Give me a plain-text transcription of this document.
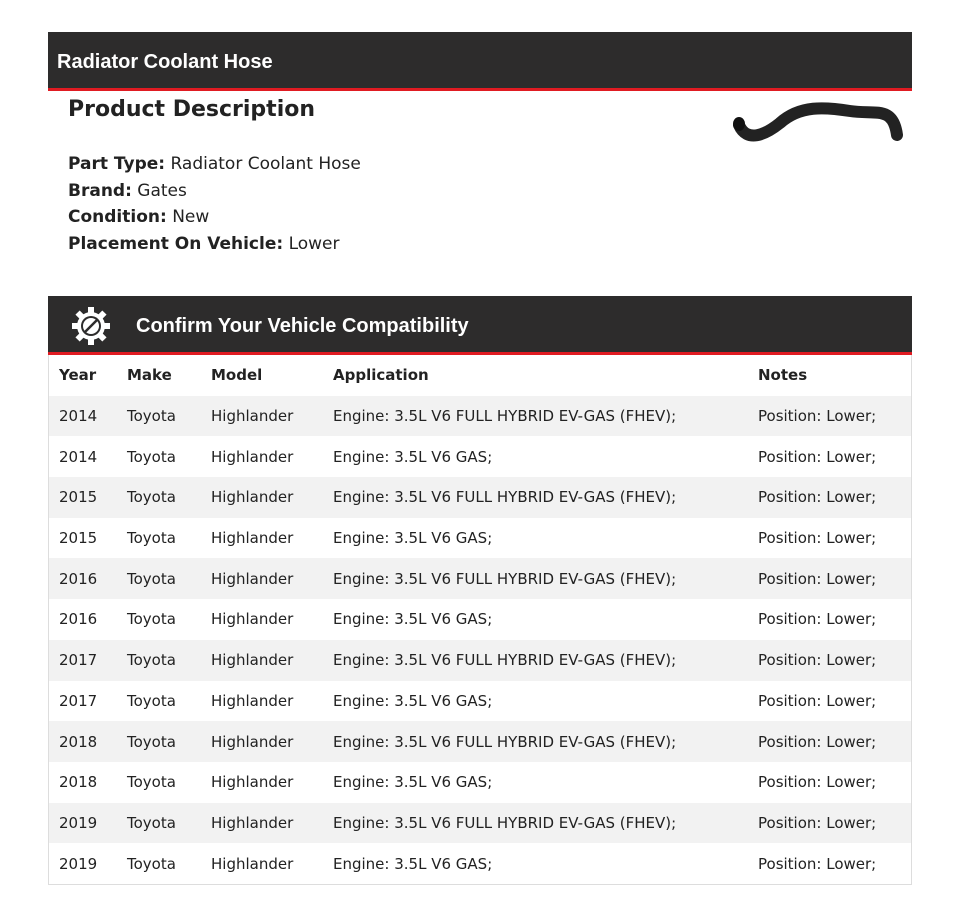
Radiator Coolant Hose
Product Description
Part Type: Radiator Coolant Hose
Brand: Gates
Condition: New
Placement On Vehicle: Lower
Confirm Your Vehicle Compatibility
Year	Make	Model	Application	Notes
2014	Toyota	Highlander	Engine: 3.5L V6 FULL HYBRID EV-GAS (FHEV);	Position: Lower;
2014	Toyota	Highlander	Engine: 3.5L V6 GAS;	Position: Lower;
2015	Toyota	Highlander	Engine: 3.5L V6 FULL HYBRID EV-GAS (FHEV);	Position: Lower;
2015	Toyota	Highlander	Engine: 3.5L V6 GAS;	Position: Lower;
2016	Toyota	Highlander	Engine: 3.5L V6 FULL HYBRID EV-GAS (FHEV);	Position: Lower;
2016	Toyota	Highlander	Engine: 3.5L V6 GAS;	Position: Lower;
2017	Toyota	Highlander	Engine: 3.5L V6 FULL HYBRID EV-GAS (FHEV);	Position: Lower;
2017	Toyota	Highlander	Engine: 3.5L V6 GAS;	Position: Lower;
2018	Toyota	Highlander	Engine: 3.5L V6 FULL HYBRID EV-GAS (FHEV);	Position: Lower;
2018	Toyota	Highlander	Engine: 3.5L V6 GAS;	Position: Lower;
2019	Toyota	Highlander	Engine: 3.5L V6 FULL HYBRID EV-GAS (FHEV);	Position: Lower;
2019	Toyota	Highlander	Engine: 3.5L V6 GAS;	Position: Lower;
